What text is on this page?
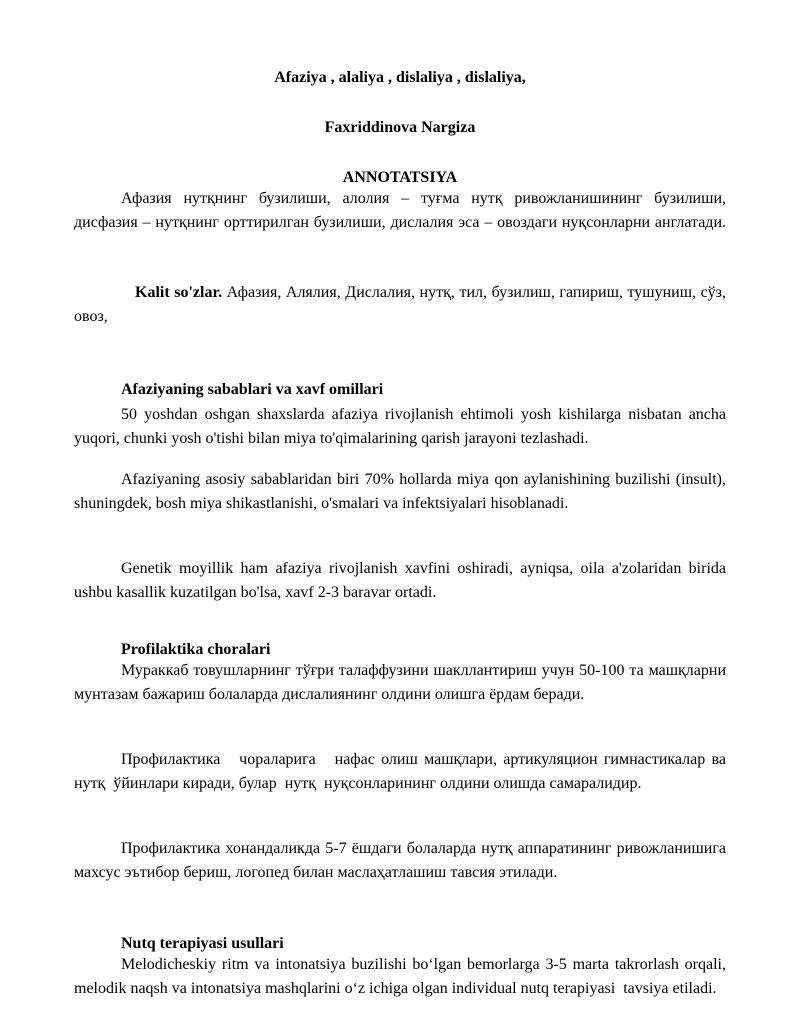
Afaziya , alaliya , dislaliya , dislaliya,
Faxriddinova Nargiza
ANNOTATSIYA

Афазия нутқнинг бузилиши, алолия – туғма нутқ ривожланишининг бузилиши, дисфазия – нутқнинг орттирилган бузилиши, дислалия эса – овоздаги нуқсонларни англатади.

Kalit so'zlar. Афазия, Алялия, Дислалия, нутқ, тил, бузилиш, гапириш, тушуниш, сўз, овоз,

Afaziyaning sabablari va xavf omillari

50 yoshdan oshgan shaxslarda afaziya rivojlanish ehtimoli yosh kishilarga nisbatan ancha yuqori, chunki yosh o'tishi bilan miya to'qimalarining qarish jarayoni tezlashadi.

Afaziyaning asosiy sabablaridan biri 70% hollarda miya qon aylanishining buzilishi (insult), shuningdek, bosh miya shikastlanishi, o'smalari va infektsiyalari hisoblanadi.

Genetik moyillik ham afaziya rivojlanish xavfini oshiradi, ayniqsa, oila a'zolaridan birida ushbu kasallik kuzatilgan bo'lsa, xavf 2-3 baravar ortadi.

Profilaktika choralari

Мураккаб товушларнинг тўғри талаффузини шакллантириш учун 50-100 та машқларни мунтазам бажариш болаларда дислалиянинг олдини олишга ёрдам беради.

Профилактика   чораларига   нафас олиш машқлари, артикуляцион гимнастикалар ва  нутқ  ўйинлари киради, булар  нутқ  нуқсонларининг олдини олишда самаралидир.

Профилактика хонандаликда 5-7 ёшдаги болаларда нутқ аппаратининг ривожланишига  махсус эътибор бериш, логопед билан маслаҳатлашиш тавсия этилади.

Nutq terapiyasi usullari

Melodicheskiy ritm va intonatsiya buzilishi bo‘lgan bemorlarga 3-5 marta takrorlash orqali,  melodik naqsh va intonatsiya mashqlarini o‘z ichiga olgan individual nutq terapiyasi  tavsiya etiladi.
